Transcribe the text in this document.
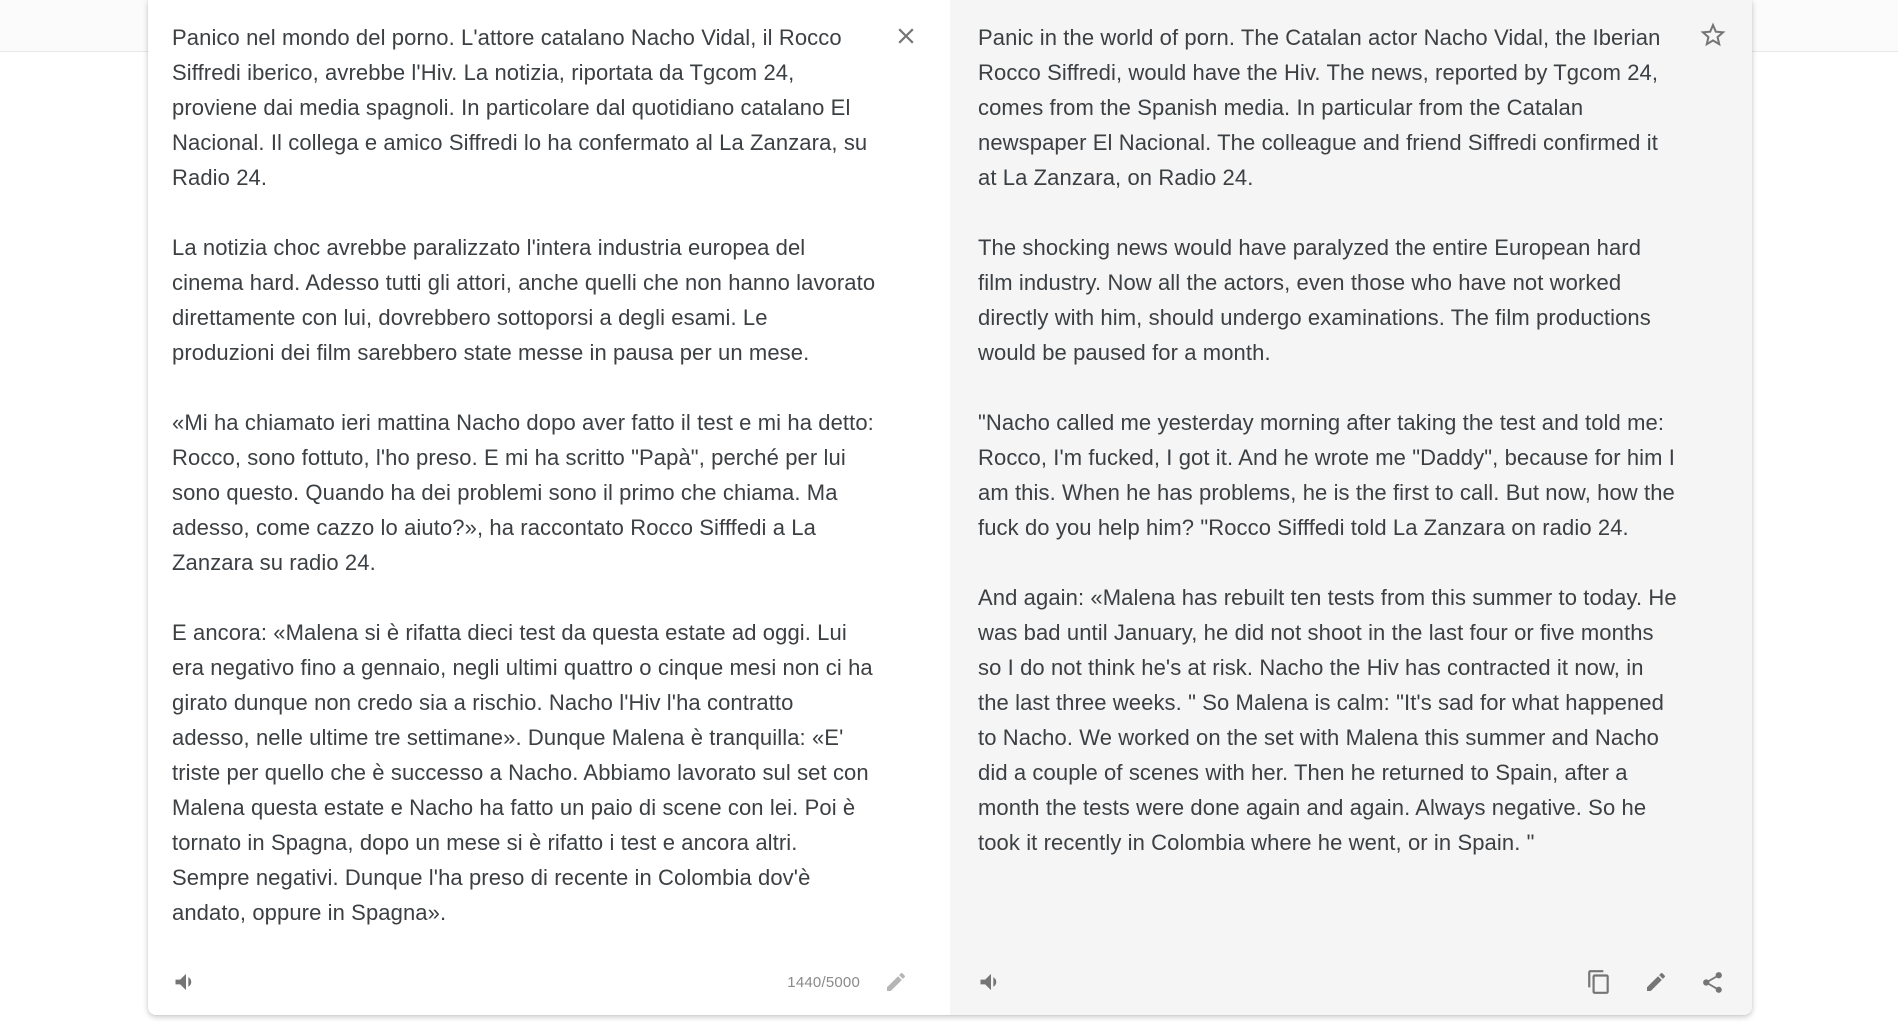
Panico nel mondo del porno. L'attore catalano Nacho Vidal, il Rocco Siffredi iberico, avrebbe l'Hiv. La notizia, riportata da Tgcom 24, proviene dai media spagnoli. In particolare dal quotidiano catalano El Nacional. Il collega e amico Siffredi lo ha confermato al La Zanzara, su Radio 24.

La notizia choc avrebbe paralizzato l'intera industria europea del cinema hard. Adesso tutti gli attori, anche quelli che non hanno lavorato direttamente con lui, dovrebbero sottoporsi a degli esami. Le produzioni dei film sarebbero state messe in pausa per un mese.

«Mi ha chiamato ieri mattina Nacho dopo aver fatto il test e mi ha detto: Rocco, sono fottuto, l'ho preso. E mi ha scritto "Papà", perché per lui sono questo. Quando ha dei problemi sono il primo che chiama. Ma adesso, come cazzo lo aiuto?», ha raccontato Rocco Sifffedi a La Zanzara su radio 24.

E ancora: «Malena si è rifatta dieci test da questa estate ad oggi. Lui era negativo fino a gennaio, negli ultimi quattro o cinque mesi non ci ha girato dunque non credo sia a rischio. Nacho l'Hiv l'ha contratto adesso, nelle ultime tre settimane». Dunque Malena è tranquilla: «E' triste per quello che è successo a Nacho. Abbiamo lavorato sul set con Malena questa estate e Nacho ha fatto un paio di scene con lei. Poi è tornato in Spagna, dopo un mese si è rifatto i test e ancora altri. Sempre negativi. Dunque l'ha preso di recente in Colombia dov'è andato, oppure in Spagna».

1440/5000

Panic in the world of porn. The Catalan actor Nacho Vidal, the Iberian Rocco Siffredi, would have the Hiv. The news, reported by Tgcom 24, comes from the Spanish media. In particular from the Catalan newspaper El Nacional. The colleague and friend Siffredi confirmed it at La Zanzara, on Radio 24.

The shocking news would have paralyzed the entire European hard film industry. Now all the actors, even those who have not worked directly with him, should undergo examinations. The film productions would be paused for a month.

"Nacho called me yesterday morning after taking the test and told me: Rocco, I'm fucked, I got it. And he wrote me "Daddy", because for him I am this. When he has problems, he is the first to call. But now, how the fuck do you help him? "Rocco Sifffedi told La Zanzara on radio 24.

And again: «Malena has rebuilt ten tests from this summer to today. He was bad until January, he did not shoot in the last four or five months so I do not think he's at risk. Nacho the Hiv has contracted it now, in the last three weeks. " So Malena is calm: "It's sad for what happened to Nacho. We worked on the set with Malena this summer and Nacho did a couple of scenes with her. Then he returned to Spain, after a month the tests were done again and again. Always negative. So he took it recently in Colombia where he went, or in Spain. "
